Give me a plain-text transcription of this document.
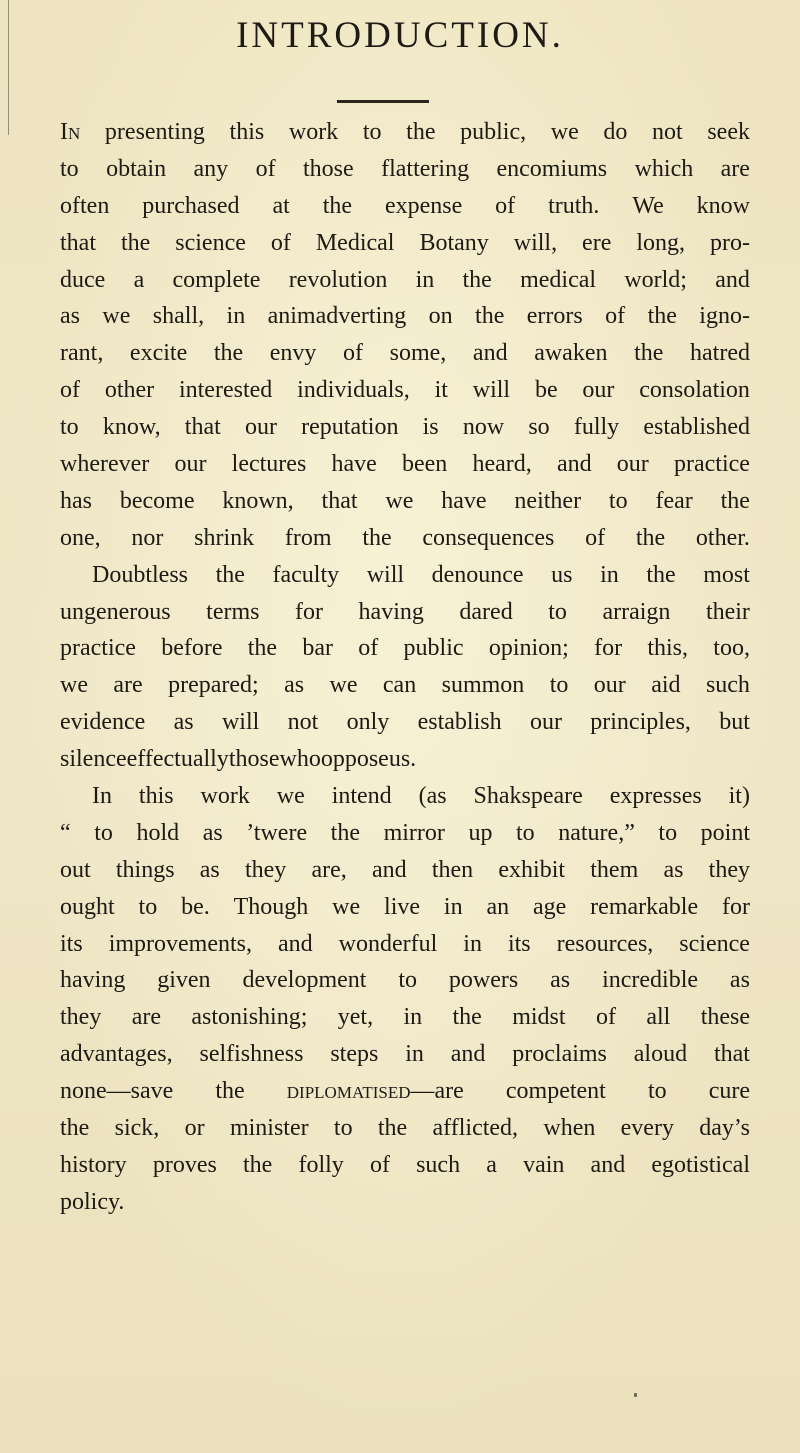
INTRODUCTION.
In presenting this work to the public, we do not seek
to obtain any of those flattering encomiums which are
often purchased at the expense of truth. We know
that the science of Medical Botany will, ere long, pro-
duce a complete revolution in the medical world; and
as we shall, in animadverting on the errors of the igno-
rant, excite the envy of some, and awaken the hatred
of other interested individuals, it will be our consolation
to know, that our reputation is now so fully established
wherever our lectures have been heard, and our practice
has become known, that we have neither to fear the
one, nor shrink from the consequences of the other.
Doubtless the faculty will denounce us in the most
ungenerous terms for having dared to arraign their
practice before the bar of public opinion; for this, too,
we are prepared; as we can summon to our aid such
evidence as will not only establish our principles, but
silence effectually those who oppose us.
In this work we intend (as Shakspeare expresses it)
“ to hold as ’twere the mirror up to nature,” to point
out things as they are, and then exhibit them as they
ought to be. Though we live in an age remarkable for
its improvements, and wonderful in its resources, science
having given development to powers as incredible as
they are astonishing; yet, in the midst of all these
advantages, selfishness steps in and proclaims aloud that
none—save the diplomatised—are competent to cure
the sick, or minister to the afflicted, when every day’s
history proves the folly of such a vain and egotistical
policy.
